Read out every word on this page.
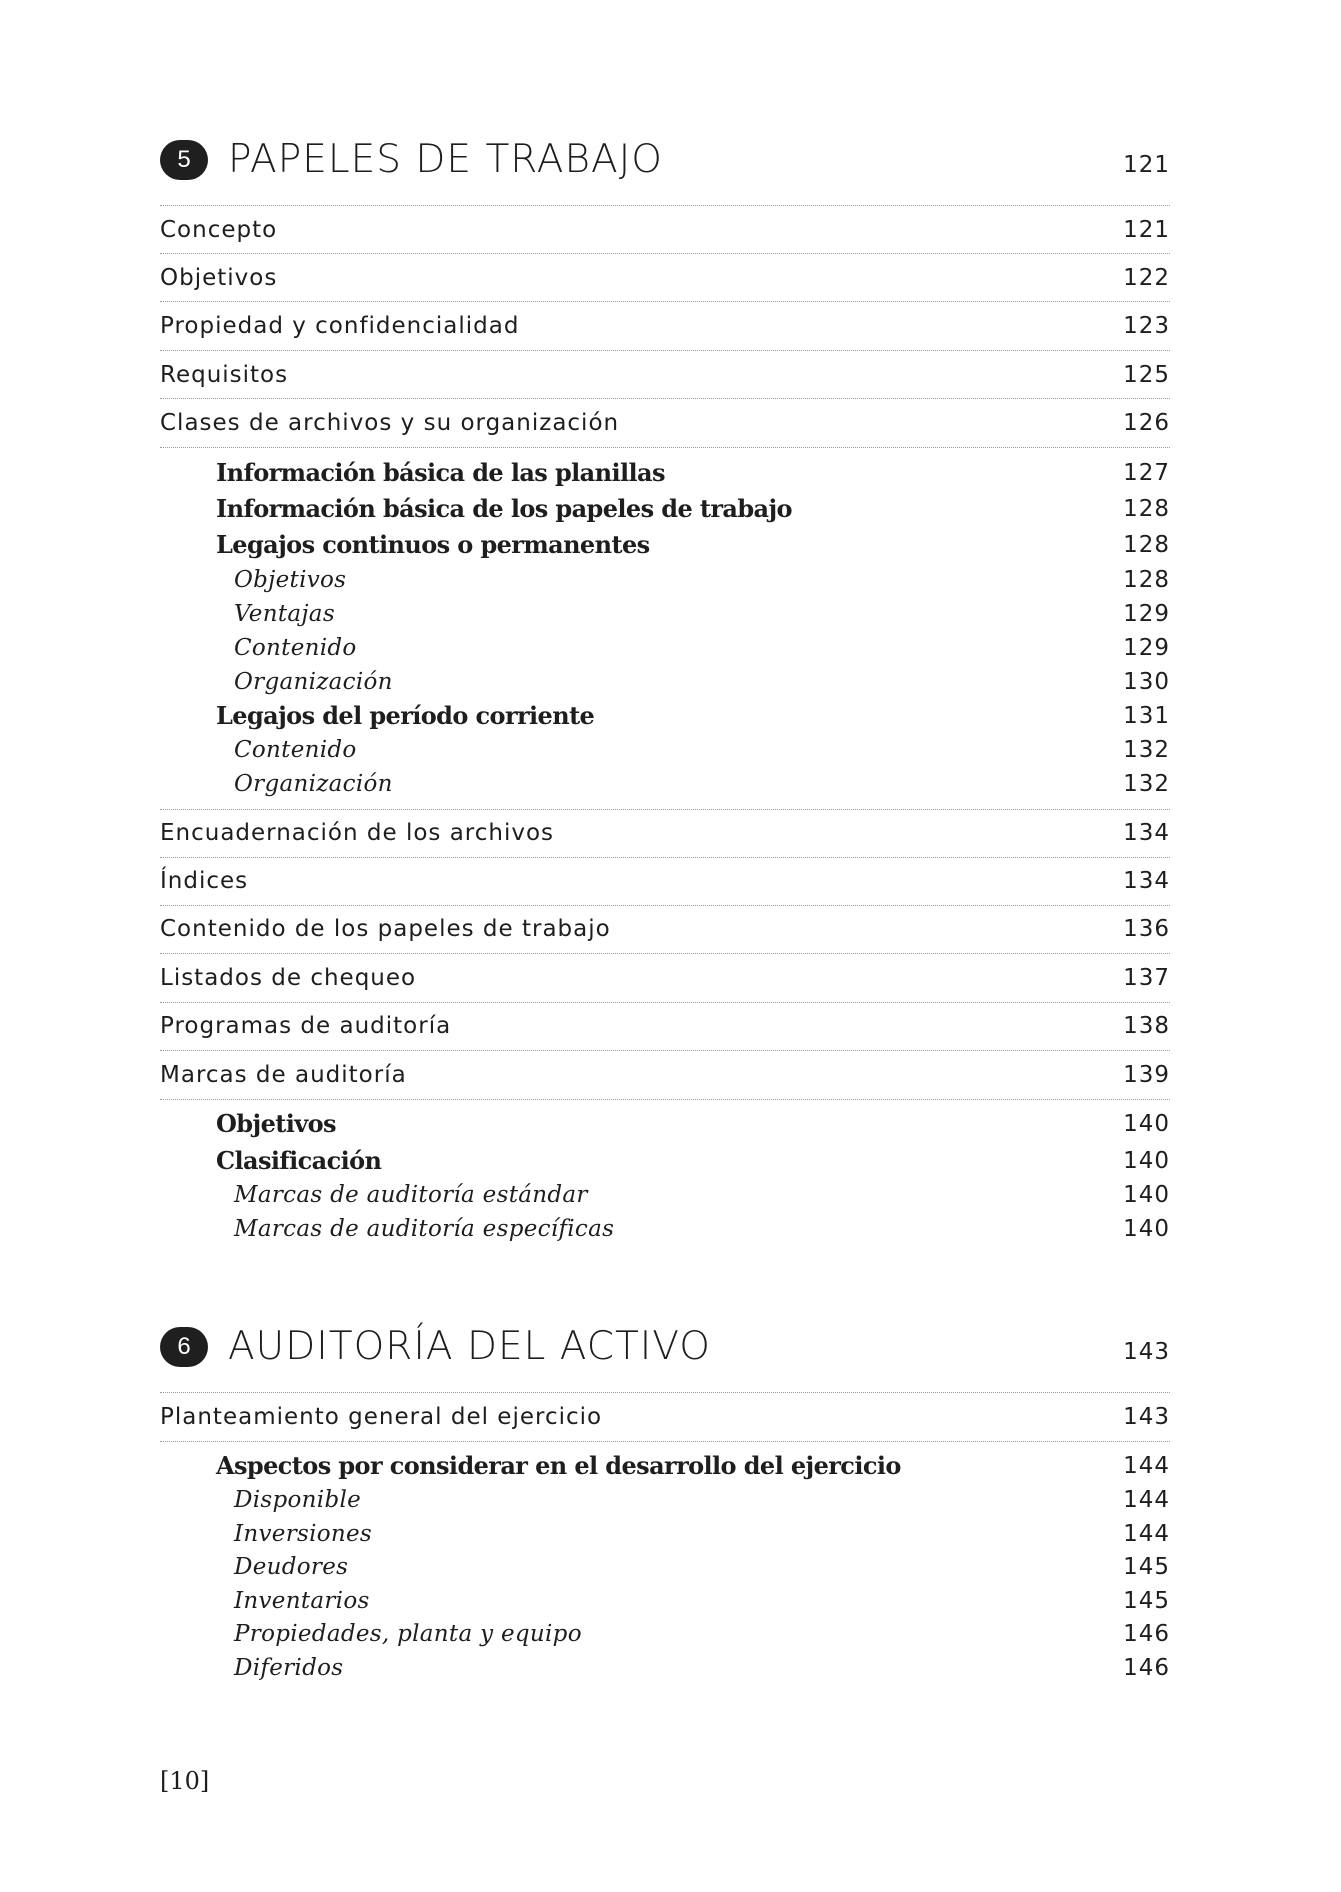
5 PAPELES DE TRABAJO	121
Concepto	121
Objetivos	122
Propiedad y confidencialidad	123
Requisitos	125
Clases de archivos y su organización	126
Información básica de las planillas	127
Información básica de los papeles de trabajo	128
Legajos continuos o permanentes	128
Objetivos	128
Ventajas	129
Contenido	129
Organización	130
Legajos del período corriente	131
Contenido	132
Organización	132
Encuadernación de los archivos	134
Índices	134
Contenido de los papeles de trabajo	136
Listados de chequeo	137
Programas de auditoría	138
Marcas de auditoría	139
Objetivos	140
Clasificación	140
Marcas de auditoría estándar	140
Marcas de auditoría específicas	140
6 AUDITORÍA DEL ACTIVO	143
Planteamiento general del ejercicio	143
Aspectos por considerar en el desarrollo del ejercicio	144
Disponible	144
Inversiones	144
Deudores	145
Inventarios	145
Propiedades, planta y equipo	146
Diferidos	146
[10]
